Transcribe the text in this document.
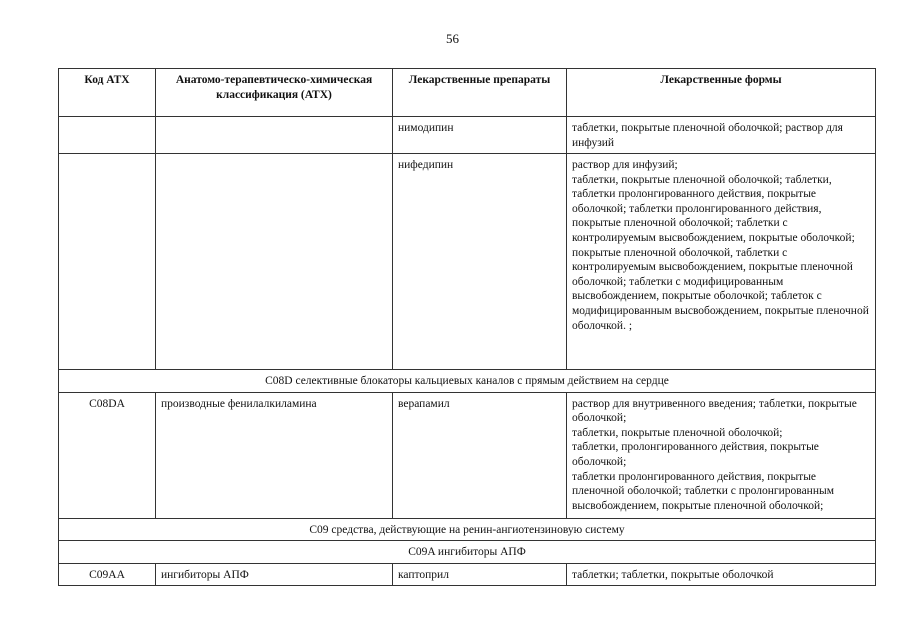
56
Код АТХ	Анатомо-терапевтическо-химическая классификация (АТХ)	Лекарственные препараты	Лекарственные формы
		нимодипин	таблетки, покрытые пленочной оболочкой; раствор для инфузий
		нифедипин	раствор для инфузий;
таблетки, покрытые пленочной оболочкой; таблетки, таблетки пролонгированного действия, покрытые оболочкой; таблетки пролонгированного действия, покрытые пленочной оболочкой; таблетки с контролируемым высвобождением, покрытые оболочкой;
покрытые пленочной оболочкой, таблетки с контролируемым высвобождением, покрытые пленочной оболочкой; таблетки с модифицированным высвобождением, покрытые оболочкой; таблеток с модифицированным высвобождением, покрытые пленочной оболочкой. ;
C08D селективные блокаторы кальциевых каналов с прямым действием на сердце			
C08DA	производные фенилалкиламина	верапамил	раствор для внутривенного введения; таблетки, покрытые оболочкой;
таблетки, покрытые пленочной оболочкой;
таблетки, пролонгированного действия, покрытые оболочкой;
таблетки пролонгированного действия, покрытые пленочной оболочкой; таблетки с пролонгированным высвобождением, покрытые пленочной оболочкой;
C09 средства, действующие на ренин-ангиотензиновую систему			
C09A ингибиторы АПФ			
C09AA	ингибиторы АПФ	каптоприл	таблетки; таблетки, покрытые оболочкой
